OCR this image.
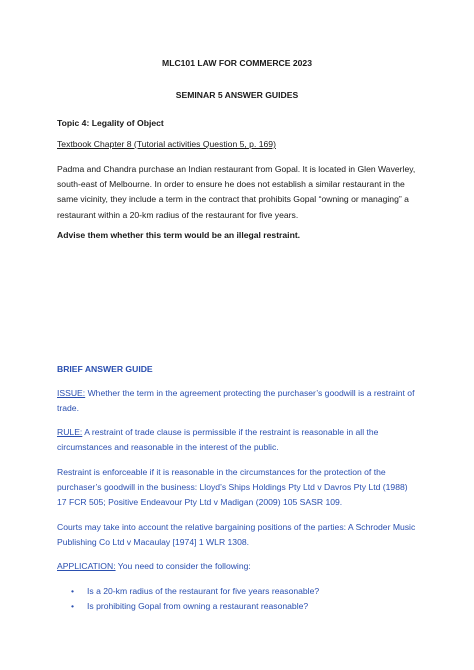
MLC101 LAW FOR COMMERCE 2023
SEMINAR 5 ANSWER GUIDES
Topic 4: Legality of Object
Textbook Chapter 8 (Tutorial activities Question 5, p. 169)
Padma and Chandra purchase an Indian restaurant from Gopal. It is located in Glen Waverley, south-east of Melbourne. In order to ensure he does not establish a similar restaurant in the same vicinity, they include a term in the contract that prohibits Gopal “owning or managing” a restaurant within a 20-km radius of the restaurant for five years.
Advise them whether this term would be an illegal restraint.
BRIEF ANSWER GUIDE
ISSUE: Whether the term in the agreement protecting the purchaser’s goodwill is a restraint of trade.
RULE: A restraint of trade clause is permissible if the restraint is reasonable in all the circumstances and reasonable in the interest of the public.
Restraint is enforceable if it is reasonable in the circumstances for the protection of the purchaser’s goodwill in the business: Lloyd’s Ships Holdings Pty Ltd v Davros Pty Ltd (1988) 17 FCR 505; Positive Endeavour Pty Ltd v Madigan (2009) 105 SASR 109.
Courts may take into account the relative bargaining positions of the parties: A Schroder Music Publishing Co Ltd v Macaulay [1974] 1 WLR 1308.
APPLICATION: You need to consider the following:
• Is a 20-km radius of the restaurant for five years reasonable?
• Is prohibiting Gopal from owning a restaurant reasonable?
